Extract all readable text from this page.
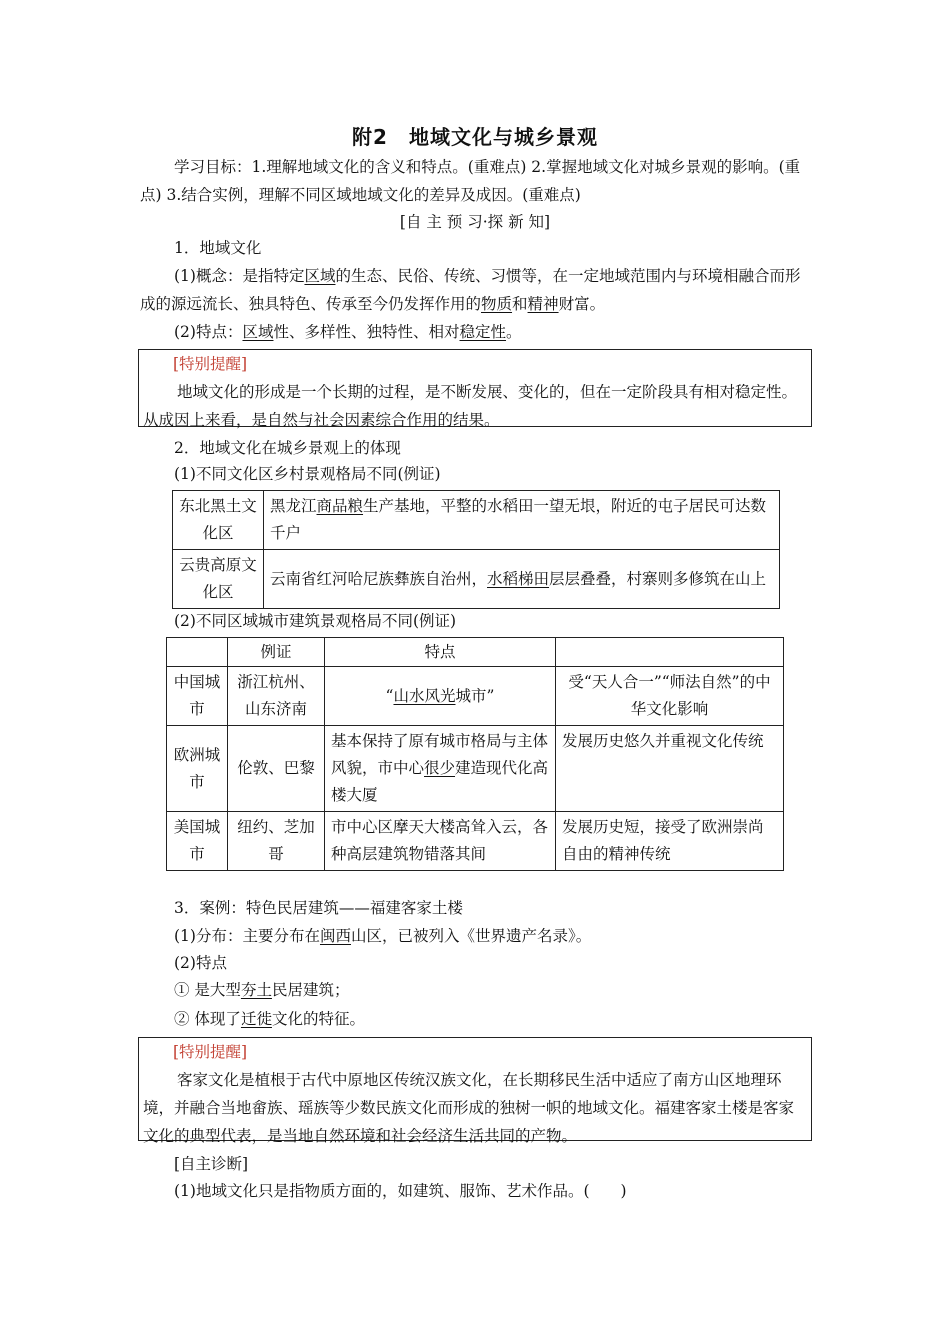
附2　地域文化与城乡景观
学习目标：1.理解地域文化的含义和特点。(重难点) 2.掌握地域文化对城乡景观的影响。(重点) 3.结合实例，理解不同区域地域文化的差异及成因。(重难点)
[自 主 预 习·探 新 知]
1．地域文化
(1)概念：是指特定区域的生态、民俗、传统、习惯等，在一定地域范围内与环境相融合而形成的源远流长、独具特色、传承至今仍发挥作用的物质和精神财富。
(2)特点：区域性、多样性、独特性、相对稳定性。
[特别提醒]
地域文化的形成是一个长期的过程，是不断发展、变化的，但在一定阶段具有相对稳定性。从成因上来看，是自然与社会因素综合作用的结果。
2．地域文化在城乡景观上的体现
(1)不同文化区乡村景观格局不同(例证)
东北黑土文化区	黑龙江商品粮生产基地，平整的水稻田一望无垠，附近的屯子居民可达数千户
云贵高原文化区	云南省红河哈尼族彝族自治州，水稻梯田层层叠叠，村寨则多修筑在山上
(2)不同区域城市建筑景观格局不同(例证)
	例证	特点	
中国城市	浙江杭州、山东济南	“山水风光城市”	受“天人合一”“师法自然”的中华文化影响
欧洲城市	伦敦、巴黎	基本保持了原有城市格局与主体风貌，市中心很少建造现代化高楼大厦	发展历史悠久并重视文化传统
美国城市	纽约、芝加哥	市中心区摩天大楼高耸入云，各种高层建筑物错落其间	发展历史短，接受了欧洲崇尚自由的精神传统
3．案例：特色民居建筑——福建客家土楼
(1)分布：主要分布在闽西山区，已被列入《世界遗产名录》。
(2)特点
① 是大型夯土民居建筑；
② 体现了迁徙文化的特征。
[特别提醒]
客家文化是植根于古代中原地区传统汉族文化，在长期移民生活中适应了南方山区地理环境，并融合当地畲族、瑶族等少数民族文化而形成的独树一帜的地域文化。福建客家土楼是客家文化的典型代表，是当地自然环境和社会经济生活共同的产物。
[自主诊断]
(1)地域文化只是指物质方面的，如建筑、服饰、艺术作品。(　　)
